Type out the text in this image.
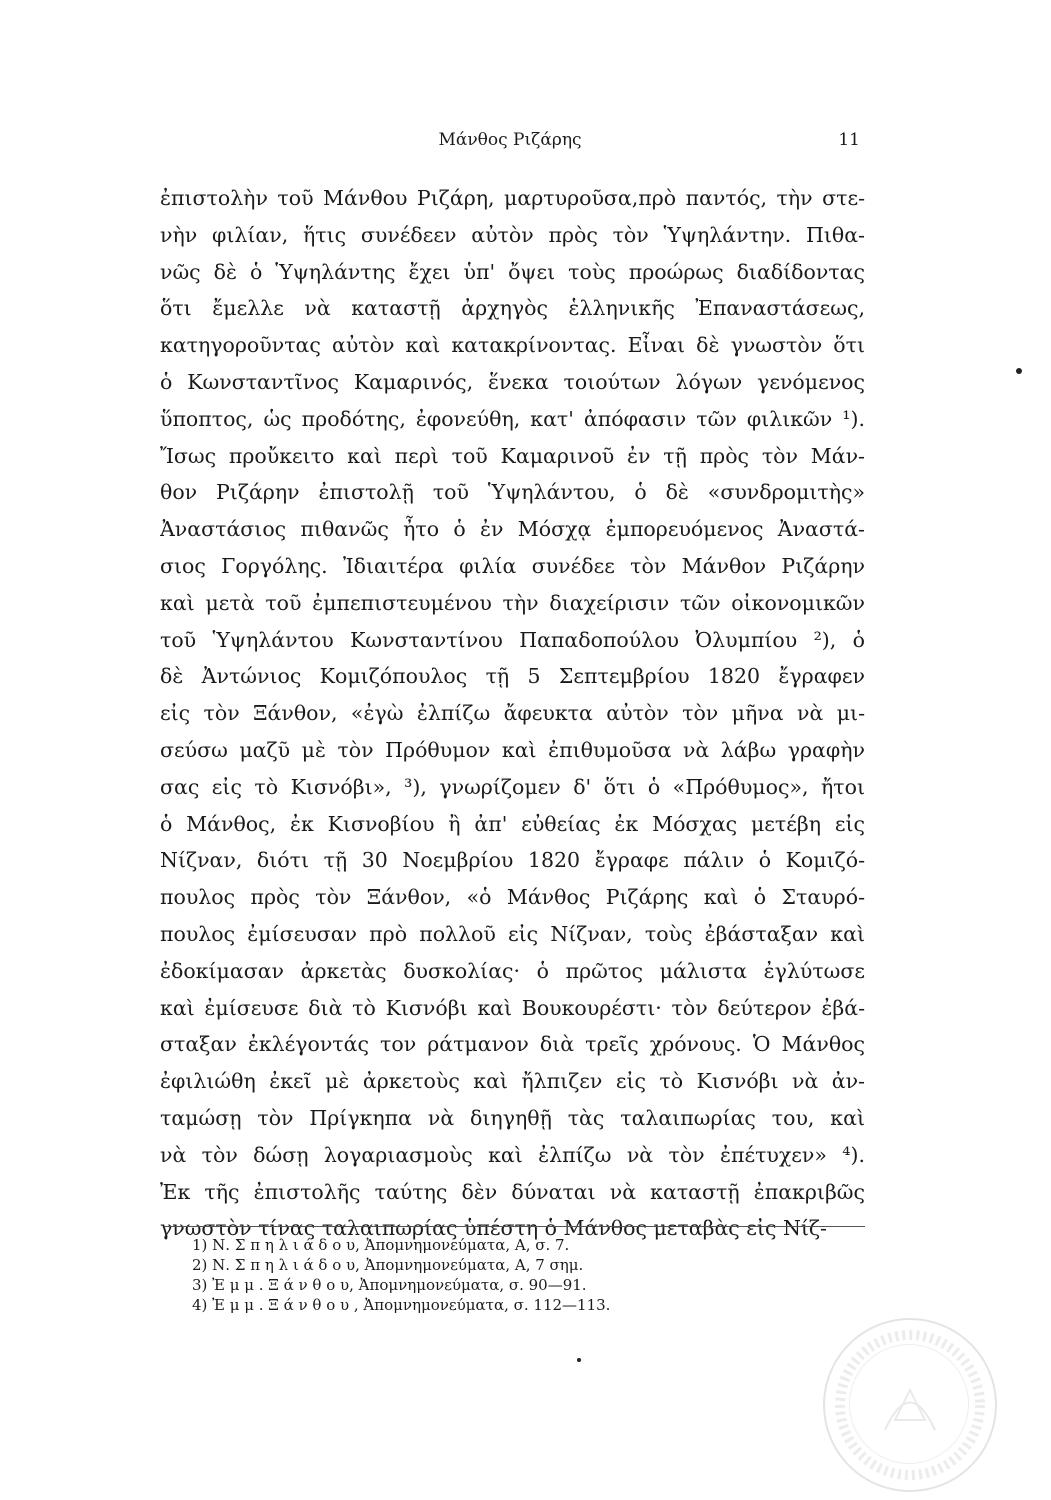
Μάνθος Ριζάρης	11
ἐπιστολὴν τοῦ Μάνθου Ριζάρη, μαρτυροῦσα,πρὸ παντός, τὴν στε-
νὴν φιλίαν, ἥτις συνέδεεν αὐτὸν πρὸς τὸν Ὑψηλάντην. Πιθα-
νῶς δὲ ὁ Ὑψηλάντης ἔχει ὑπ' ὄψει τοὺς προώρως διαδίδοντας
ὅτι ἔμελλε νὰ καταστῇ ἀρχηγὸς ἑλληνικῆς Ἐπαναστάσεως,
κατηγοροῦντας αὐτὸν καὶ κατακρίνοντας. Εἶναι δὲ γνωστὸν ὅτι
ὁ Κωνσταντῖνος Καμαρινός, ἕνεκα τοιούτων λόγων γενόμενος
ὕποπτος, ὡς προδότης, ἐφονεύθη, κατ' ἀπόφασιν τῶν φιλικῶν ¹).
Ἴσως προὔκειτο καὶ περὶ τοῦ Καμαρινοῦ ἐν τῇ πρὸς τὸν Μάν-
θον Ριζάρην ἐπιστολῇ τοῦ Ὑψηλάντου, ὁ δὲ «συνδρομιτὴς»
Ἀναστάσιος πιθανῶς ἦτο ὁ ἐν Μόσχᾳ ἐμπορευόμενος Ἀναστά-
σιος Γοργόλης. Ἰδιαιτέρα φιλία συνέδεε τὸν Μάνθον Ριζάρην
καὶ μετὰ τοῦ ἐμπεπιστευμένου τὴν διαχείρισιν τῶν οἰκονομικῶν
τοῦ Ὑψηλάντου Κωνσταντίνου Παπαδοπούλου Ὀλυμπίου ²), ὁ
δὲ Ἀντώνιος Κομιζόπουλος τῇ 5 Σεπτεμβρίου 1820 ἔγραφεν
εἰς τὸν Ξάνθον, «ἐγὼ ἐλπίζω ἄφευκτα αὐτὸν τὸν μῆνα νὰ μι-
σεύσω μαζῦ μὲ τὸν Πρόθυμον καὶ ἐπιθυμοῦσα νὰ λάβω γραφὴν
σας εἰς τὸ Κισνόβι», ³), γνωρίζομεν δ' ὅτι ὁ «Πρόθυμος», ἤτοι
ὁ Μάνθος, ἐκ Κισνοβίου ἢ ἀπ' εὐθείας ἐκ Μόσχας μετέβη εἰς
Νίζναν, διότι τῇ 30 Νοεμβρίου 1820 ἔγραφε πάλιν ὁ Κομιζό-
πουλος πρὸς τὸν Ξάνθον, «ὁ Μάνθος Ριζάρης καὶ ὁ Σταυρό-
πουλος ἐμίσευσαν πρὸ πολλοῦ εἰς Νίζναν, τοὺς ἐβάσταξαν καὶ
ἐδοκίμασαν ἀρκετὰς δυσκολίας· ὁ πρῶτος μάλιστα ἐγλύτωσε
καὶ ἐμίσευσε διὰ τὸ Κισνόβι καὶ Βουκουρέστι· τὸν δεύτερον ἐβά-
σταξαν ἐκλέγοντάς τον ράτμανον διὰ τρεῖς χρόνους. Ὁ Μάνθος
ἐφιλιώθη ἐκεῖ μὲ ἀρκετοὺς καὶ ἤλπιζεν εἰς τὸ Κισνόβι νὰ ἀν-
ταμώσῃ τὸν Πρίγκηπα νὰ διηγηθῇ τὰς ταλαιπωρίας του, καὶ
νὰ τὸν δώσῃ λογαριασμοὺς καὶ ἐλπίζω νὰ τὸν ἐπέτυχεν» ⁴).
Ἐκ τῆς ἐπιστολῆς ταύτης δὲν δύναται νὰ καταστῇ ἐπακριβῶς
γνωστὸν τίνας ταλαιπωρίας ὑπέστη ὁ Μάνθος μεταβὰς εἰς Νίζ-
1) Ν. Σ π η λ ι ά δ ο υ, Ἀπομνημονεύματα, Α, σ. 7.
2) Ν. Σ π η λ ι ά δ ο υ, Ἀπομνημονεύματα, Α, 7 σημ.
3) Ἐ μ μ . Ξ ά ν θ ο υ, Ἀπομνημονεύματα, σ. 90—91.
4) Ἐ μ μ . Ξ ά ν θ ο υ , Ἀπομνημονεύματα, σ. 112—113.
